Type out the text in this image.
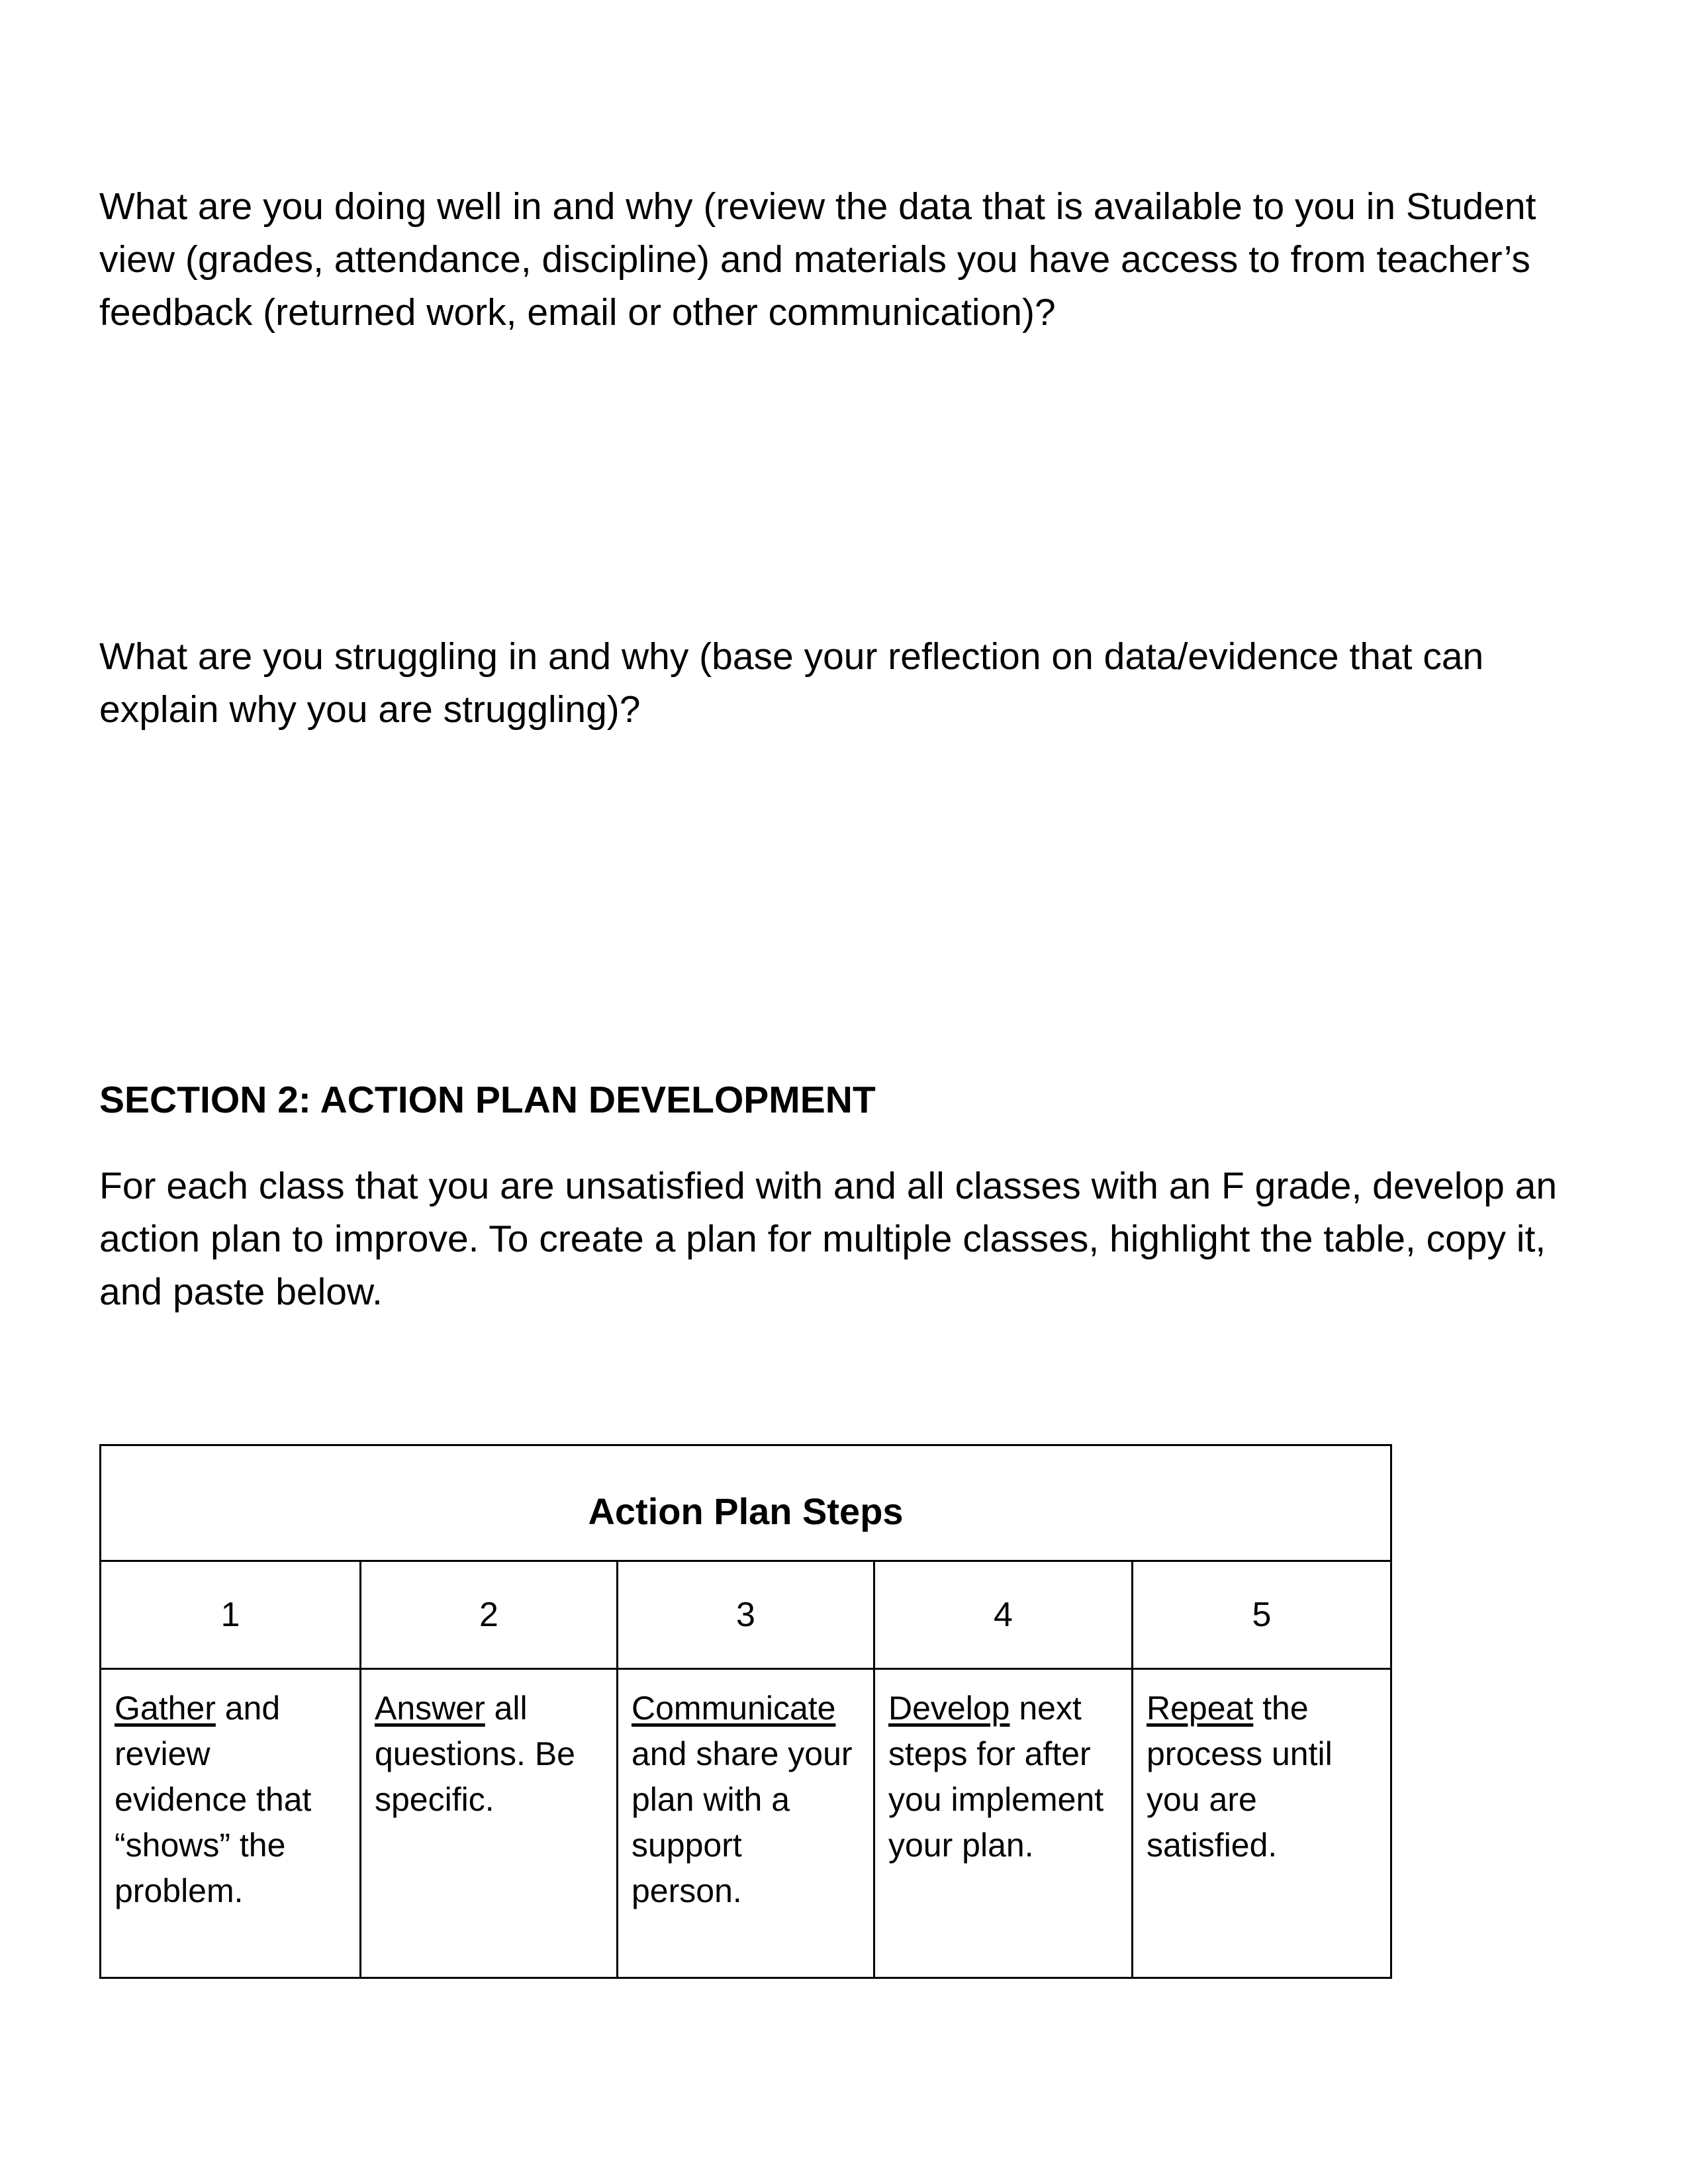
What are you doing well in and why (review the data that is available to you in Student view (grades, attendance, discipline) and materials you have access to from teacher’s feedback (returned work, email or other communication)?

What are you struggling in and why (base your reflection on data/evidence that can explain why you are struggling)?

SECTION 2: ACTION PLAN DEVELOPMENT

For each class that you are unsatisfied with and all classes with an F grade, develop an action plan to improve. To create a plan for multiple classes, highlight the table, copy it, and paste below.

Action Plan Steps				
1	2	3	4	5
Gather and review evidence that “shows” the problem.	Answer all questions. Be specific.	Communicate and share your plan with a support person.	Develop next steps for after you implement your plan.	Repeat the process until you are satisfied.
